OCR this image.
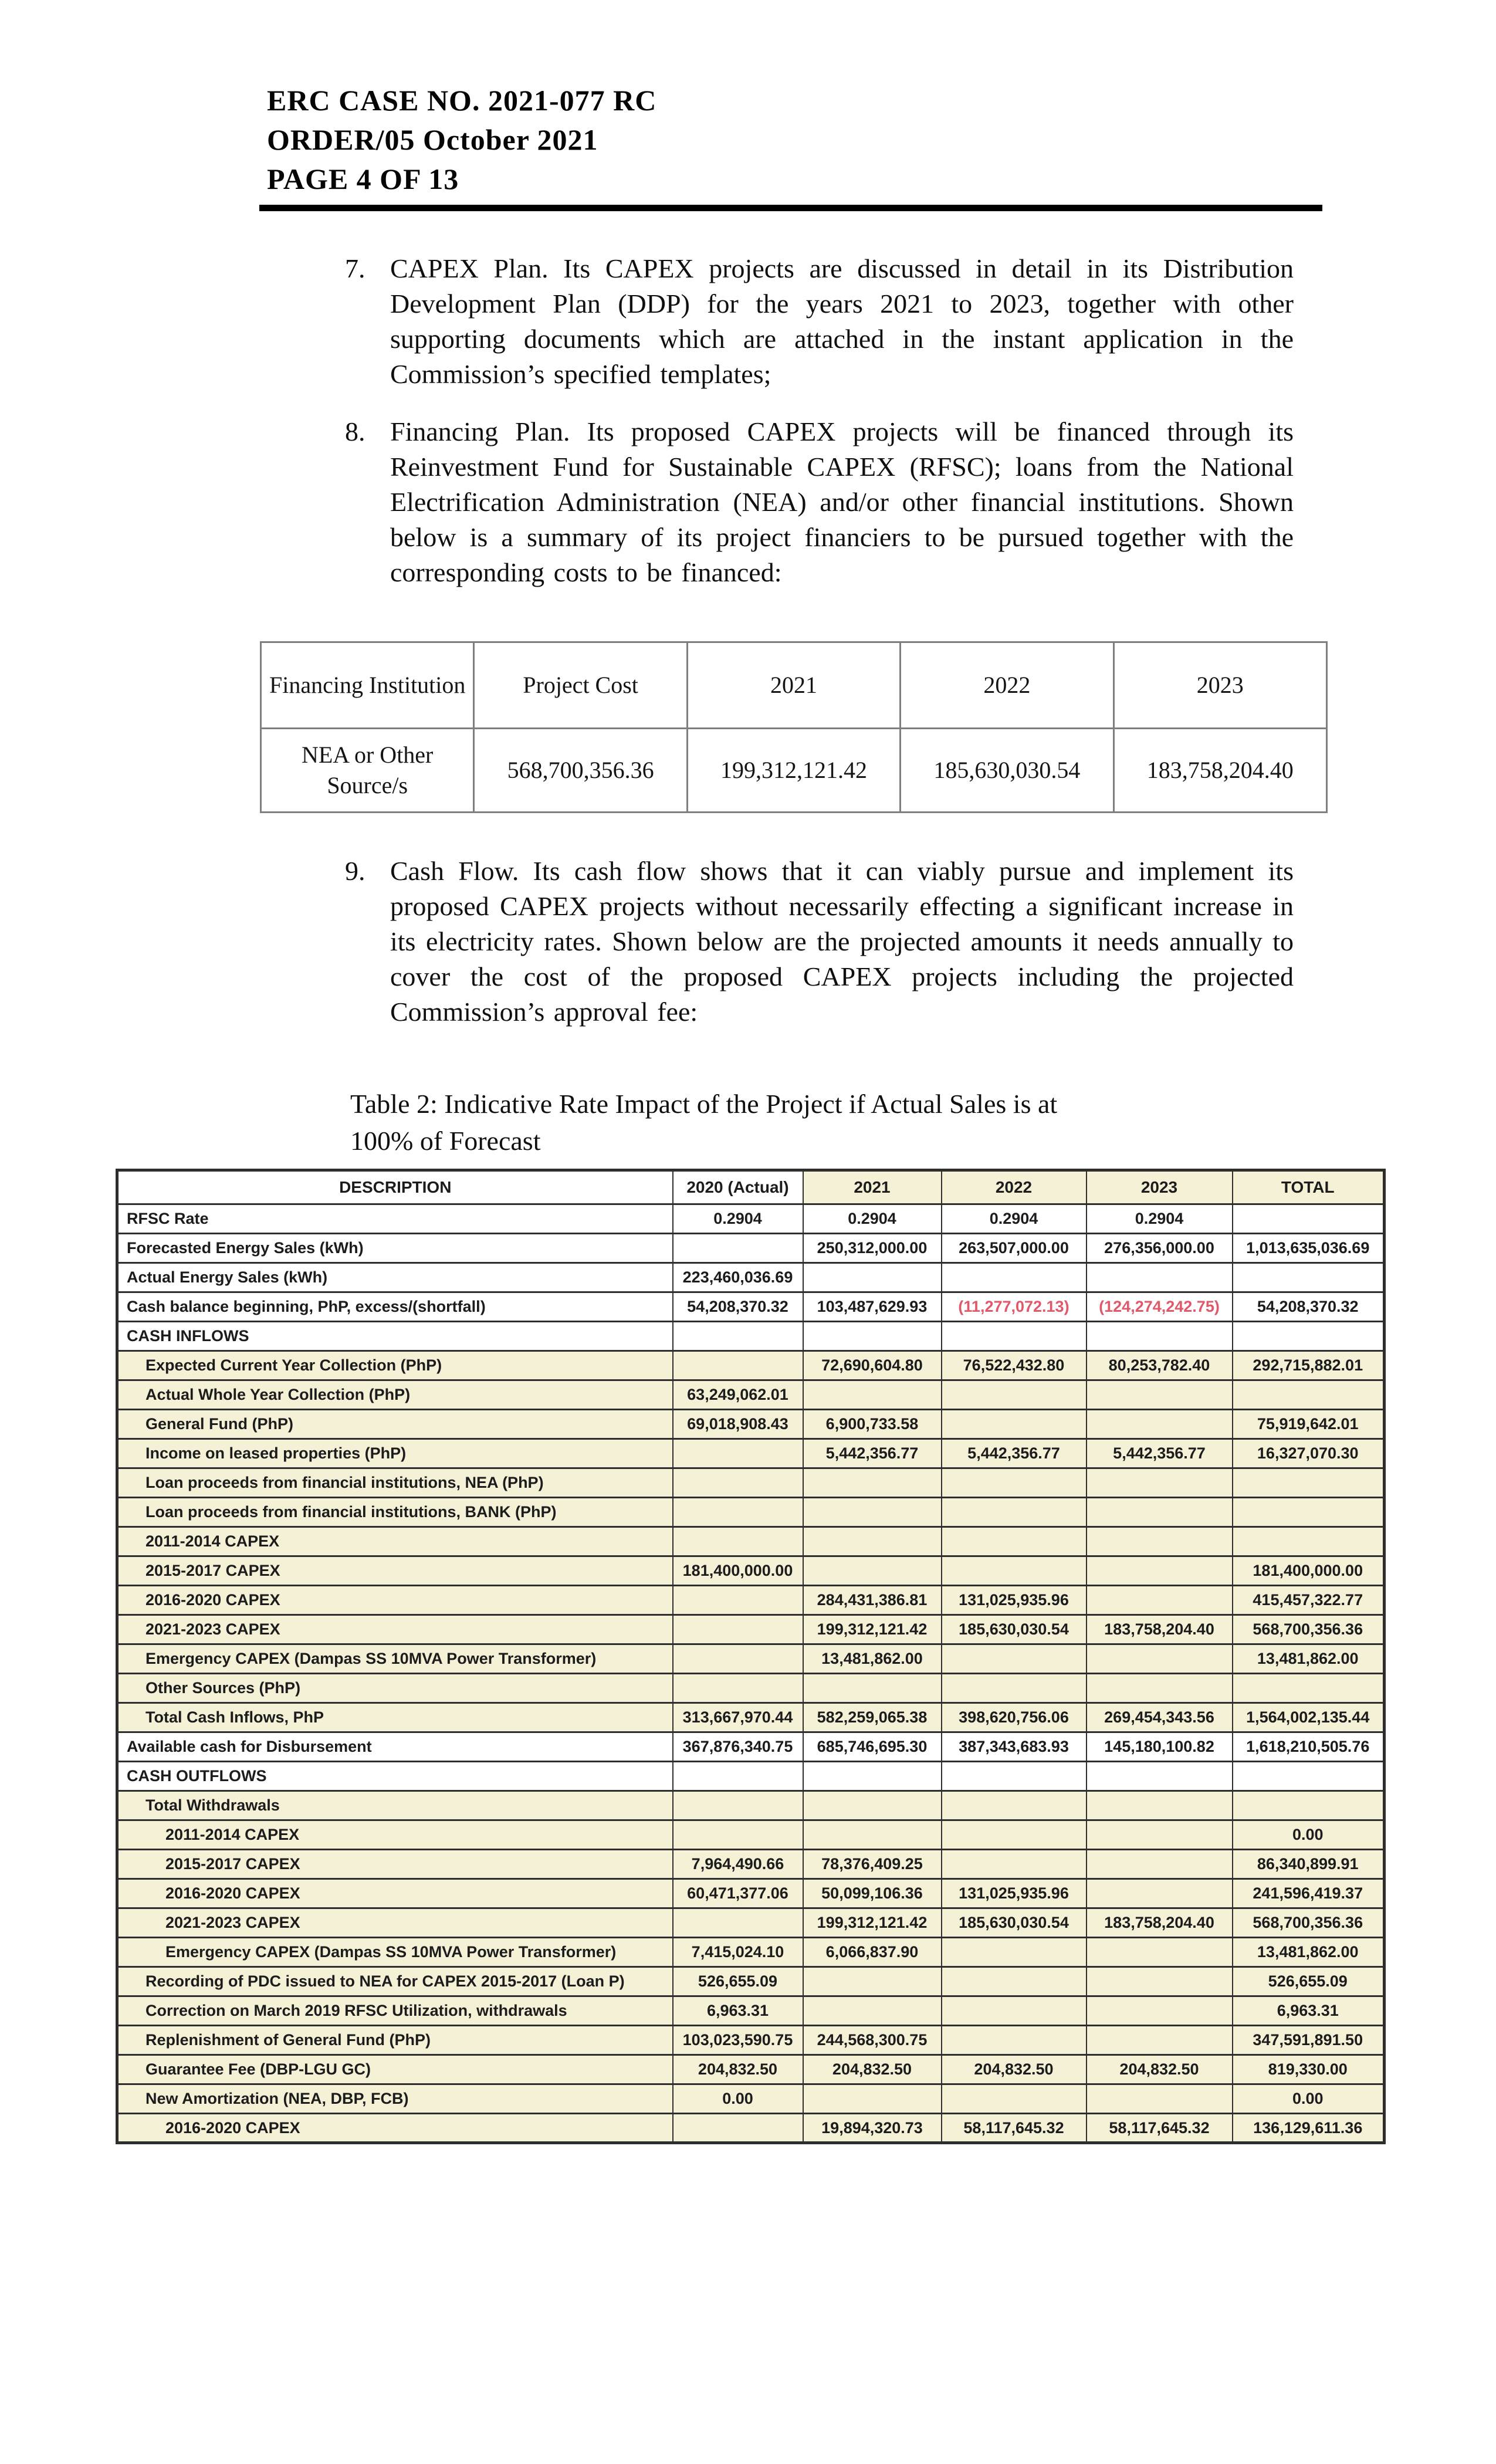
ERC CASE NO. 2021-077 RC
ORDER/05 October 2021
PAGE 4 OF 13
7. CAPEX Plan. Its CAPEX projects are discussed in detail in its Distribution Development Plan (DDP) for the years 2021 to 2023, together with other supporting documents which are attached in the instant application in the Commission’s specified templates;
8. Financing Plan. Its proposed CAPEX projects will be financed through its Reinvestment Fund for Sustainable CAPEX (RFSC); loans from the National Electrification Administration (NEA) and/or other financial institutions. Shown below is a summary of its project financiers to be pursued together with the corresponding costs to be financed:
Financing Institution	Project Cost	2021	2022	2023
NEA or Other Source/s	568,700,356.36	199,312,121.42	185,630,030.54	183,758,204.40
9. Cash Flow. Its cash flow shows that it can viably pursue and implement its proposed CAPEX projects without necessarily effecting a significant increase in its electricity rates. Shown below are the projected amounts it needs annually to cover the cost of the proposed CAPEX projects including the projected Commission’s approval fee:
Table 2: Indicative Rate Impact of the Project if Actual Sales is at
100% of Forecast
DESCRIPTION	2020 (Actual)	2021	2022	2023	TOTAL
RFSC Rate	0.2904	0.2904	0.2904	0.2904	
Forecasted Energy Sales (kWh)		250,312,000.00	263,507,000.00	276,356,000.00	1,013,635,036.69
Actual Energy Sales (kWh)	223,460,036.69				
Cash balance beginning, PhP, excess/(shortfall)	54,208,370.32	103,487,629.93	(11,277,072.13)	(124,274,242.75)	54,208,370.32
CASH INFLOWS					
Expected Current Year Collection (PhP)		72,690,604.80	76,522,432.80	80,253,782.40	292,715,882.01
Actual Whole Year Collection (PhP)	63,249,062.01				
General Fund (PhP)	69,018,908.43	6,900,733.58			75,919,642.01
Income on leased properties (PhP)		5,442,356.77	5,442,356.77	5,442,356.77	16,327,070.30
Loan proceeds from financial institutions, NEA (PhP)					
Loan proceeds from financial institutions, BANK (PhP)					
2011-2014 CAPEX					
2015-2017 CAPEX	181,400,000.00				181,400,000.00
2016-2020 CAPEX		284,431,386.81	131,025,935.96		415,457,322.77
2021-2023 CAPEX		199,312,121.42	185,630,030.54	183,758,204.40	568,700,356.36
Emergency CAPEX (Dampas SS 10MVA Power Transformer)		13,481,862.00			13,481,862.00
Other Sources (PhP)					
Total Cash Inflows, PhP	313,667,970.44	582,259,065.38	398,620,756.06	269,454,343.56	1,564,002,135.44
Available cash for Disbursement	367,876,340.75	685,746,695.30	387,343,683.93	145,180,100.82	1,618,210,505.76
CASH OUTFLOWS					
Total Withdrawals					
2011-2014 CAPEX					0.00
2015-2017 CAPEX	7,964,490.66	78,376,409.25			86,340,899.91
2016-2020 CAPEX	60,471,377.06	50,099,106.36	131,025,935.96		241,596,419.37
2021-2023 CAPEX		199,312,121.42	185,630,030.54	183,758,204.40	568,700,356.36
Emergency CAPEX (Dampas SS 10MVA Power Transformer)	7,415,024.10	6,066,837.90			13,481,862.00
Recording of PDC issued to NEA for CAPEX 2015-2017 (Loan P)	526,655.09				526,655.09
Correction on March 2019 RFSC Utilization, withdrawals	6,963.31				6,963.31
Replenishment of General Fund (PhP)	103,023,590.75	244,568,300.75			347,591,891.50
Guarantee Fee (DBP-LGU GC)	204,832.50	204,832.50	204,832.50	204,832.50	819,330.00
New Amortization (NEA, DBP, FCB)	0.00				0.00
2016-2020 CAPEX		19,894,320.73	58,117,645.32	58,117,645.32	136,129,611.36
